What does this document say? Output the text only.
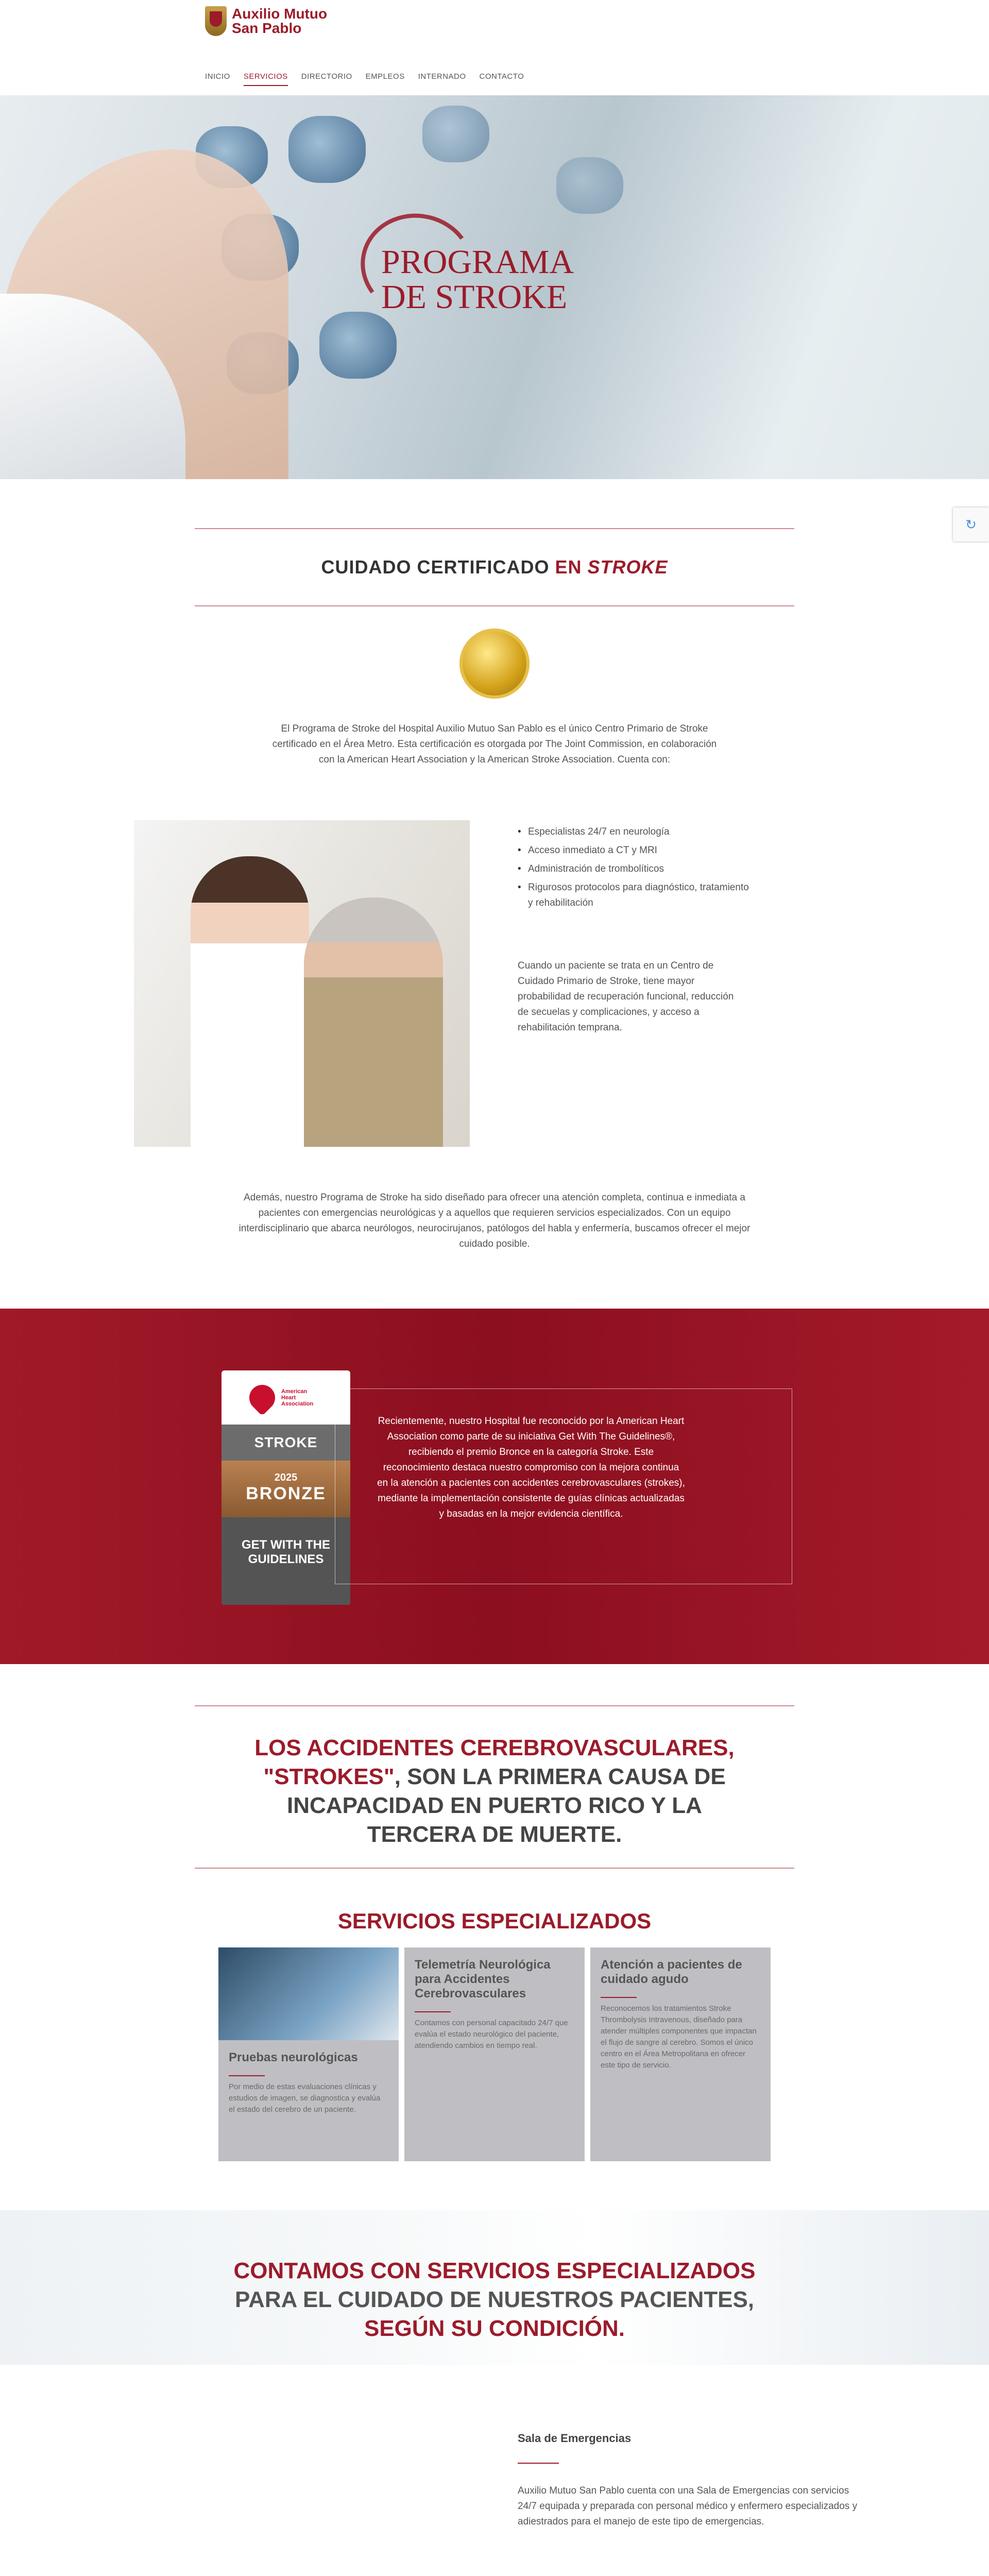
Auxilio Mutuo San Pablo
INICIO SERVICIOS DIRECTORIO EMPLEOS INTERNADO CONTACTO
PROGRAMA
DE STROKE
↻
CUIDADO CERTIFICADO EN STROKE

El Programa de Stroke del Hospital Auxilio Mutuo San Pablo es el único Centro Primario de Stroke certificado en el Área Metro. Esta certificación es otorgada por The Joint Commission, en colaboración con la American Heart Association y la American Stroke Association. Cuenta con:

• Especialistas 24/7 en neurología
• Acceso inmediato a CT y MRI
• Administración de trombolíticos
• Rigurosos protocolos para diagnóstico, tratamiento y rehabilitación

Cuando un paciente se trata en un Centro de Cuidado Primario de Stroke, tiene mayor probabilidad de recuperación funcional, reducción de secuelas y complicaciones, y acceso a rehabilitación temprana.

Además, nuestro Programa de Stroke ha sido diseñado para ofrecer una atención completa, continua e inmediata a pacientes con emergencias neurológicas y a aquellos que requieren servicios especializados. Con un equipo interdisciplinario que abarca neurólogos, neurocirujanos, patólogos del habla y enfermería, buscamos ofrecer el mejor cuidado posible.

American Heart Association
STROKE
2025
BRONZE
GET WITH THE GUIDELINES

Recientemente, nuestro Hospital fue reconocido por la American Heart Association como parte de su iniciativa Get With The Guidelines®, recibiendo el premio Bronce en la categoría Stroke. Este reconocimiento destaca nuestro compromiso con la mejora continua en la atención a pacientes con accidentes cerebrovasculares (strokes), mediante la implementación consistente de guías clínicas actualizadas y basadas en la mejor evidencia científica.

LOS ACCIDENTES CEREBROVASCULARES,
"STROKES", SON LA PRIMERA CAUSA DE
INCAPACIDAD EN PUERTO RICO Y LA
TERCERA DE MUERTE.
SERVICIOS ESPECIALIZADOS
Pruebas neurológicas

Por medio de estas evaluaciones clínicas y estudios de imagen, se diagnostica y evalúa el estado del cerebro de un paciente.

Telemetría Neurológica para Accidentes Cerebrovasculares

Contamos con personal capacitado 24/7 que evalúa el estado neurológico del paciente, atendiendo cambios en tiempo real.

Atención a pacientes de cuidado agudo

Reconocemos los tratamientos Stroke Thrombolysis Intravenous, diseñado para atender múltiples componentes que impactan el flujo de sangre al cerebro. Somos el único centro en el Área Metropolitana en ofrecer este tipo de servicio.

CONTAMOS CON SERVICIOS ESPECIALIZADOS
PARA EL CUIDADO DE NUESTROS PACIENTES,
SEGÚN SU CONDICIÓN.
Sala de Emergencias

Auxilio Mutuo San Pablo cuenta con una Sala de Emergencias con servicios 24/7 equipada y preparada con personal médico y enfermero especializados y adiestrados para el manejo de este tipo de emergencias.
